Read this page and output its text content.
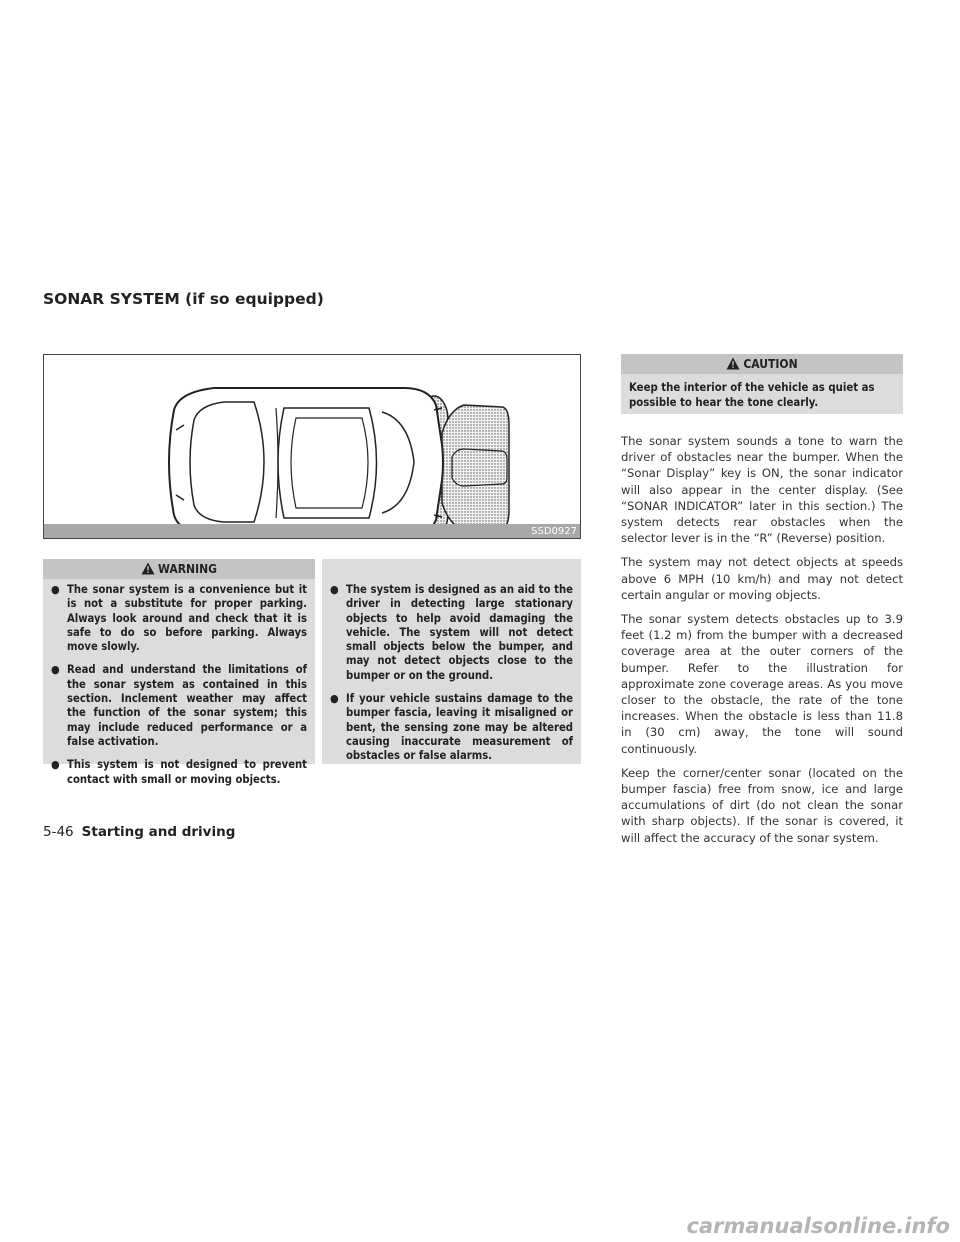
SONAR SYSTEM (if so equipped)
SSD0927
WARNING
● The sonar system is a convenience but it is not a substitute for proper parking. Always look around and check that it is safe to do so before parking. Always move slowly.
● Read and understand the limitations of the sonar system as contained in this section. Inclement weather may affect the function of the sonar system; this may include reduced performance or a false activation.
● This system is not designed to prevent contact with small or moving objects.
● The system is designed as an aid to the driver in detecting large stationary objects to help avoid damaging the vehicle. The system will not detect small objects below the bumper, and may not detect objects close to the bumper or on the ground.
● If your vehicle sustains damage to the bumper fascia, leaving it misaligned or bent, the sensing zone may be altered causing inaccurate measurement of obstacles or false alarms.
CAUTION
Keep the interior of the vehicle as quiet as possible to hear the tone clearly.

The sonar system sounds a tone to warn the driver of obstacles near the bumper. When the “Sonar Display” key is ON, the sonar indicator will also appear in the center display. (See “SONAR INDICATOR” later in this section.) The system detects rear obstacles when the selector lever is in the “R” (Reverse) position.

The system may not detect objects at speeds above 6 MPH (10 km/h) and may not detect certain angular or moving objects.

The sonar system detects obstacles up to 3.9 feet (1.2 m) from the bumper with a decreased coverage area at the outer corners of the bumper. Refer to the illustration for approximate zone coverage areas. As you move closer to the obstacle, the rate of the tone increases. When the obstacle is less than 11.8 in (30 cm) away, the tone will sound continuously.

Keep the corner/center sonar (located on the bumper fascia) free from snow, ice and large accumulations of dirt (do not clean the sonar with sharp objects). If the sonar is covered, it will affect the accuracy of the sonar system.

5-46 Starting and driving
carmanualsonline.info
